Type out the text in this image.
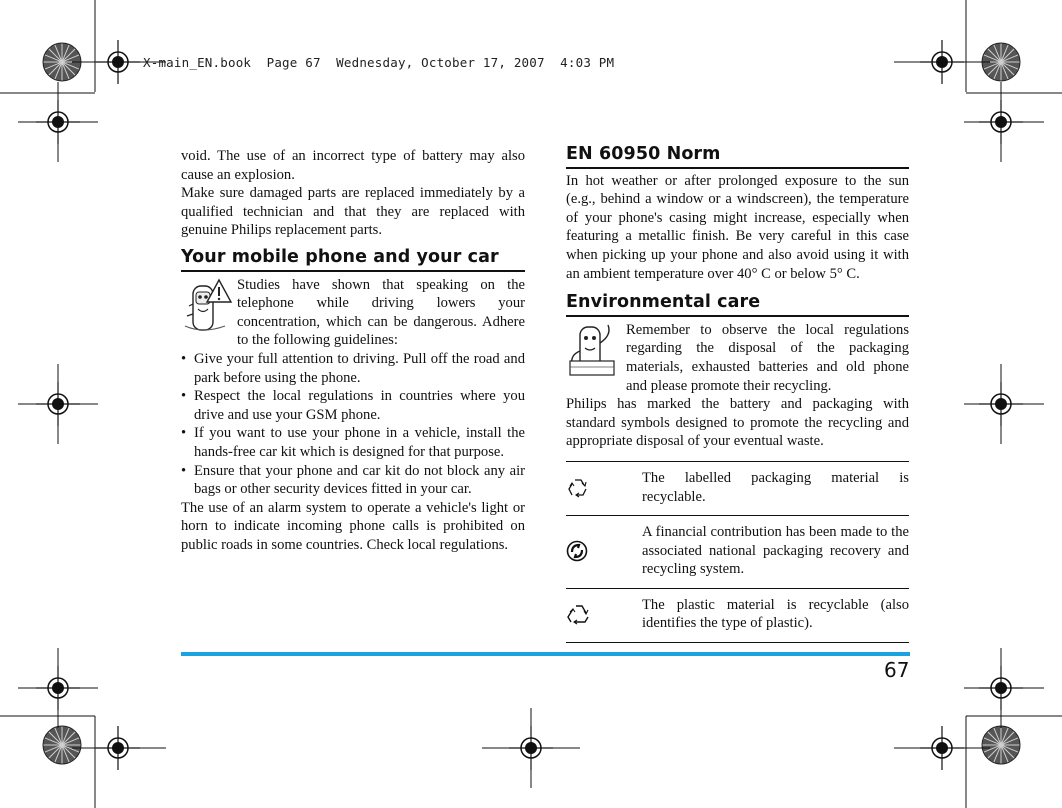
X-main_EN.book  Page 67  Wednesday, October 17, 2007  4:03 PM

void. The use of an incorrect type of battery may also cause an explosion.

Make sure damaged parts are replaced immediately by a qualified technician and that they are replaced with genuine Philips replacement parts.

Your mobile phone and your car
Studies have shown that speaking on the telephone while driving lowers your concentration, which can be dangerous. Adhere to the following guidelines:
• Give your full attention to driving. Pull off the road and park before using the phone.
• Respect the local regulations in countries where you drive and use your GSM phone.
• If you want to use your phone in a vehicle, install the hands-free car kit which is designed for that purpose.
• Ensure that your phone and car kit do not block any air bags or other security devices fitted in your car.

The use of an alarm system to operate a vehicle's light or horn to indicate incoming phone calls is prohibited on public roads in some countries. Check local regulations.

EN 60950 Norm

In hot weather or after prolonged exposure to the sun (e.g., behind a window or a windscreen), the temperature of your phone's casing might increase, especially when featuring a metallic finish. Be very careful in this case when picking up your phone and also avoid using it with an ambient temperature over 40° C or below 5° C.

Environmental care
Remember to observe the local regulations regarding the disposal of the packaging materials, exhausted batteries and old phone and please promote their recycling.

Philips has marked the battery and packaging with standard symbols designed to promote the recycling and appropriate disposal of your eventual waste.

The labelled packaging material is recyclable.
A financial contribution has been made to the associated national packaging recovery and recycling system.
The plastic material is recyclable (also identifies the type of plastic).
67
